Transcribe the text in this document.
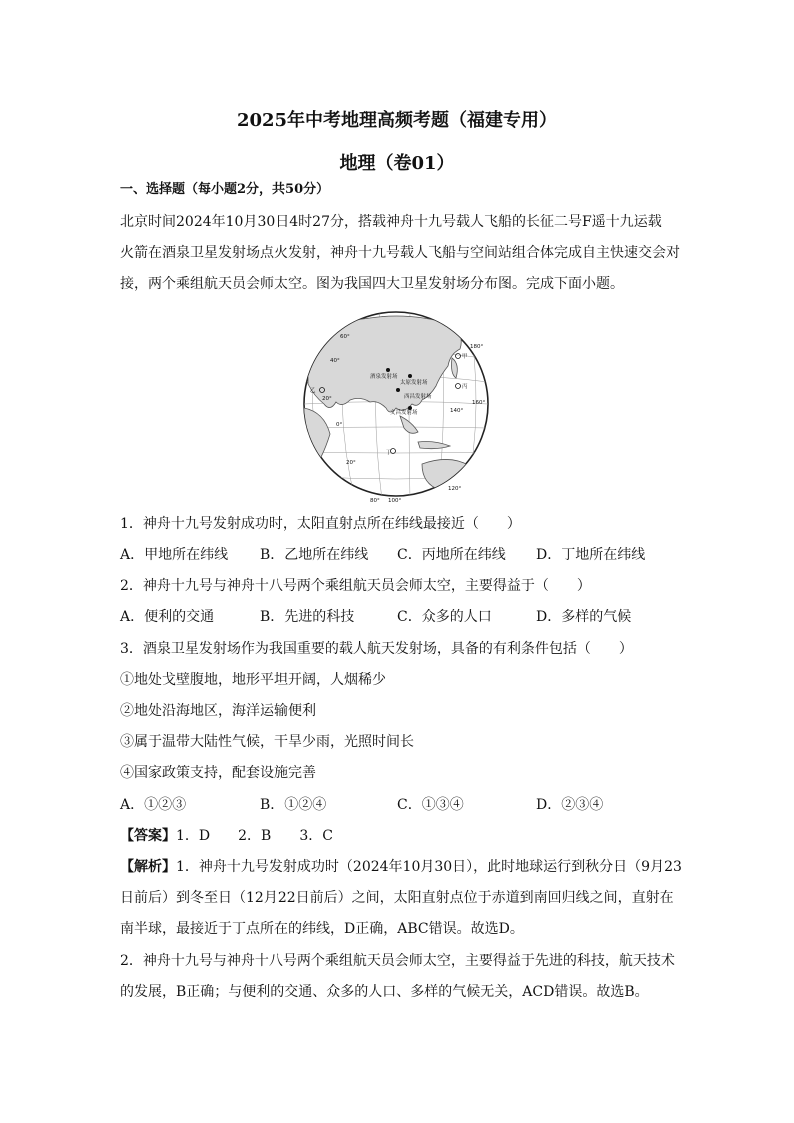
2025年中考地理高频考题（福建专用）
地理（卷01）
一、选择题（每小题2分，共50分）
北京时间2024年10月30日4时27分，搭载神舟十九号载人飞船的长征二号F遥十九运载
火箭在酒泉卫星发射场点火发射，神舟十九号载人飞船与空间站组合体完成自主快速交会对
接，两个乘组航天员会师太空。图为我国四大卫星发射场分布图。完成下面小题。
酒泉发射场
太原发射场
西昌发射场
文昌发射场
甲
乙
丙
丁
60°
40°
20°
0°
20°
80° 100°
120°
140°
160°
180°
1．神舟十九号发射成功时，太阳直射点所在纬线最接近（　　）
A．甲地所在纬线 B．乙地所在纬线 C．丙地所在纬线 D．丁地所在纬线
2．神舟十九号与神舟十八号两个乘组航天员会师太空，主要得益于（　　）
A．便利的交通	B．先进的科技	C．众多的人口	D．多样的气候
3．酒泉卫星发射场作为我国重要的载人航天发射场，具备的有利条件包括（　　）
①地处戈壁腹地，地形平坦开阔，人烟稀少
②地处沿海地区，海洋运输便利
③属于温带大陆性气候，干旱少雨，光照时间长
④国家政策支持，配套设施完善
A．①②③	B．①②④	C．①③④	D．②③④
【答案】1．D　　2．B　　3．C
【解析】1．神舟十九号发射成功时（2024年10月30日），此时地球运行到秋分日（9月23
日前后）到冬至日（12月22日前后）之间，太阳直射点位于赤道到南回归线之间，直射在
南半球，最接近于丁点所在的纬线，D正确，ABC错误。故选D。
2．神舟十九号与神舟十八号两个乘组航天员会师太空，主要得益于先进的科技，航天技术
的发展，B正确；与便利的交通、众多的人口、多样的气候无关，ACD错误。故选B。
